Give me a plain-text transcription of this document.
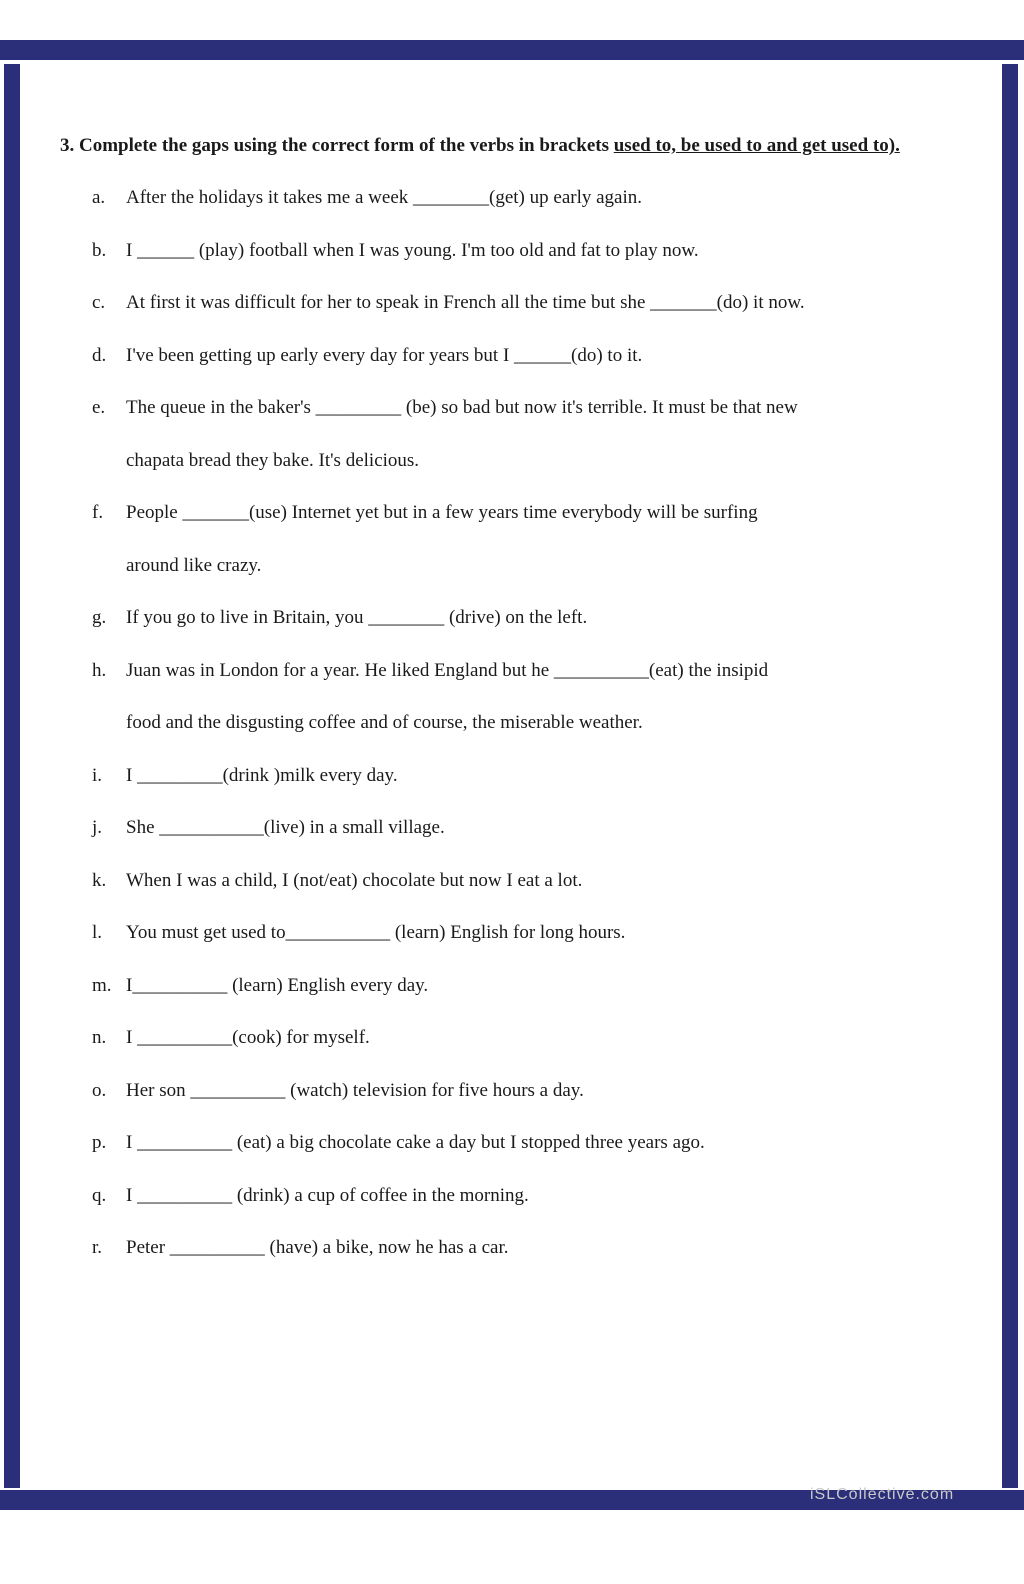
3. Complete the gaps using the correct form of the verbs in brackets used to, be used to and get used to).

a.	After the holidays it takes me a week ________(get) up early again.
b.	I ______ (play) football when I was young. I'm too old and fat to play now.
c.	At first it was difficult for her to speak in French all the time but she _______(do) it now.
d.	I've been getting up early every day for years but I ______(do) to it.
e.	The queue in the baker's _________ (be) so bad but now it's terrible. It must be that new
chapata bread they bake. It's delicious.
f.	People _______(use) Internet yet but in a few years time everybody will be surfing
around like crazy.
g.	If you go to live in Britain, you ________ (drive) on the left.
h.	Juan was in London for a year. He liked England but he __________(eat) the insipid
food and the disgusting coffee and of course, the miserable weather.
i.	I _________(drink )milk every day.
j.	She ___________(live) in a small village.
k.	When I was a child, I (not/eat) chocolate but now I eat a lot.
l.	You must get used to___________ (learn) English for long hours.
m. I__________ (learn) English every day.
n.	I __________(cook) for myself.
o.	Her son __________ (watch) television for five hours a day.
p.	I __________ (eat) a big chocolate cake a day but I stopped three years ago.
q.	I __________ (drink) a cup of coffee in the morning.
r.	Peter __________ (have) a bike, now he has a car.
iSLCollective.com
